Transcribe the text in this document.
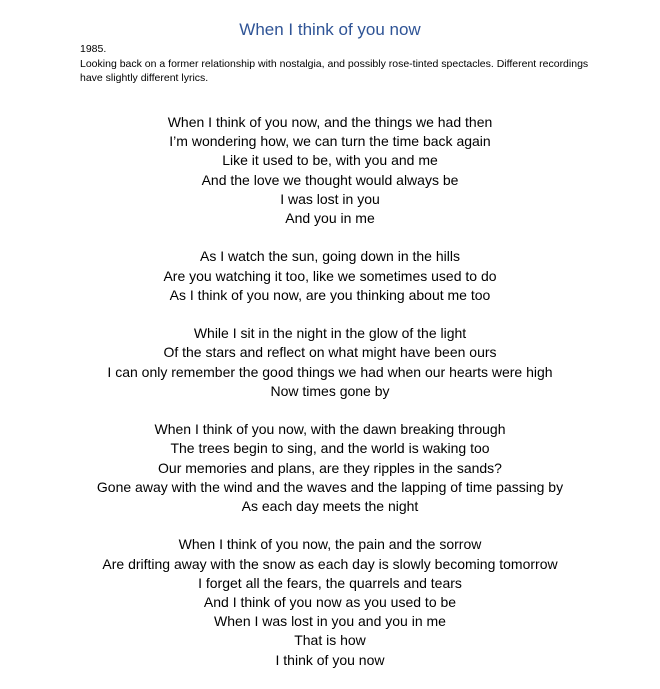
When I think of you now

1985.

Looking back on a former relationship with nostalgia, and possibly rose-tinted spectacles. Different recordings have slightly different lyrics.

When I think of you now, and the things we had then
I’m wondering how, we can turn the time back again
Like it used to be, with you and me
And the love we thought would always be
I was lost in you
And you in me
As I watch the sun, going down in the hills
Are you watching it too, like we sometimes used to do
As I think of you now, are you thinking about me too
While I sit in the night in the glow of the light
Of the stars and reflect on what might have been ours
I can only remember the good things we had when our hearts were high
Now times gone by
When I think of you now, with the dawn breaking through
The trees begin to sing, and the world is waking too
Our memories and plans, are they ripples in the sands?
Gone away with the wind and the waves and the lapping of time passing by
As each day meets the night
When I think of you now, the pain and the sorrow
Are drifting away with the snow as each day is slowly becoming tomorrow
I forget all the fears, the quarrels and tears
And I think of you now as you used to be
When I was lost in you and you in me
That is how
I think of you now
